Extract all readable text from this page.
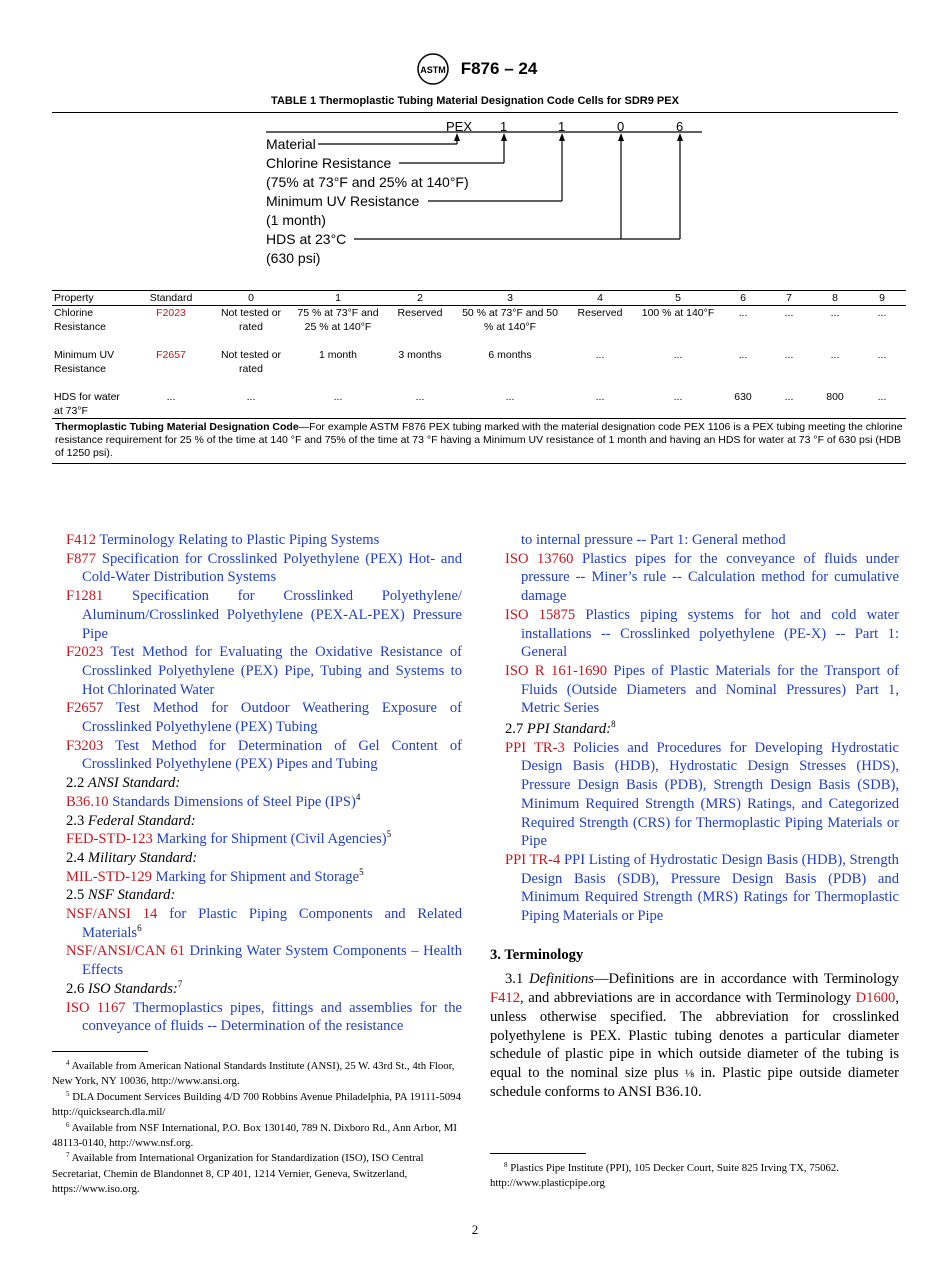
ASTM F876 – 24
TABLE 1 Thermoplastic Tubing Material Designation Code Cells for SDR9 PEX
PEX 1	1	0	6
Material
Chlorine Resistance
(75% at 73°F and 25% at 140°F)
Minimum UV Resistance
(1 month)
HDS at 23°C
(630 psi)
Property	Standard	0	1	2	3	4	5	6	7	8	9
Chlorine Resistance	F2023	Not tested or rated	75 % at 73°F and 25 % at 140°F	Reserved	50 % at 73°F and 50 % at 140°F	Reserved	100 % at 140°F	...	...	...	...
Minimum UV Resistance	F2657	Not tested or rated	1 month	3 months	6 months	...	...	...	...	...	...
HDS for water at 73°F	...	...	...	...	...	...	...	630	...	800	...
Thermoplastic Tubing Material Designation Code—For example ASTM F876 PEX tubing marked with the material designation code PEX 1106 is a PEX tubing meeting the chlorine resistance requirement for 25 % of the time at 140 °F and 75% of the time at 73 °F having a Minimum UV resistance of 1 month and having an HDS for water at 73 °F of 630 psi (HDB of 1250 psi).											

F412 Terminology Relating to Plastic Piping Systems

F877 Specification for Crosslinked Polyethylene (PEX) Hot- and Cold-Water Distribution Systems

F1281 Specification for Crosslinked Polyethylene/ Aluminum/Crosslinked Polyethylene (PEX-AL-PEX) Pressure Pipe

F2023 Test Method for Evaluating the Oxidative Resistance of Crosslinked Polyethylene (PEX) Pipe, Tubing and Systems to Hot Chlorinated Water

F2657 Test Method for Outdoor Weathering Exposure of Crosslinked Polyethylene (PEX) Tubing

F3203 Test Method for Determination of Gel Content of Crosslinked Polyethylene (PEX) Pipes and Tubing

2.2 ANSI Standard:

B36.10 Standards Dimensions of Steel Pipe (IPS)$^4$

2.3 Federal Standard:

FED-STD-123 Marking for Shipment (Civil Agencies)$^5$

2.4 Military Standard:

MIL-STD-129 Marking for Shipment and Storage$^5$

2.5 NSF Standard:

NSF/ANSI 14 for Plastic Piping Components and Related Materials$^6$

NSF/ANSI/CAN 61 Drinking Water System Components – Health Effects

2.6 ISO Standards:$^7$

ISO 1167 Thermoplastics pipes, fittings and assemblies for the conveyance of fluids -- Determination of the resistance

to internal pressure -- Part 1: General method

ISO 13760 Plastics pipes for the conveyance of fluids under pressure -- Miner’s rule -- Calculation method for cumulative damage

ISO 15875 Plastics piping systems for hot and cold water installations -- Crosslinked polyethylene (PE-X) -- Part 1: General

ISO R 161-1690 Pipes of Plastic Materials for the Transport of Fluids (Outside Diameters and Nominal Pressures) Part 1, Metric Series

2.7 PPI Standard:$^8$

PPI TR-3 Policies and Procedures for Developing Hydrostatic Design Basis (HDB), Hydrostatic Design Stresses (HDS), Pressure Design Basis (PDB), Strength Design Basis (SDB), Minimum Required Strength (MRS) Ratings, and Categorized Required Strength (CRS) for Thermoplastic Piping Materials or Pipe

PPI TR-4 PPI Listing of Hydrostatic Design Basis (HDB), Strength Design Basis (SDB), Pressure Design Basis (PDB) and Minimum Required Strength (MRS) Ratings for Thermoplastic Piping Materials or Pipe

3. Terminology

3.1 Definitions—Definitions are in accordance with Terminology F412, and abbreviations are in accordance with Terminology D1600, unless otherwise specified. The abbreviation for crosslinked polyethylene is PEX. Plastic tubing denotes a particular diameter schedule of plastic pipe in which outside diameter of the tubing is equal to the nominal size plus ⅛ in. Plastic pipe outside diameter schedule conforms to ANSI B36.10.

$^4$ Available from American National Standards Institute (ANSI), 25 W. 43rd St., 4th Floor, New York, NY 10036, http://www.ansi.org.

$^5$ DLA Document Services Building 4/D 700 Robbins Avenue Philadelphia, PA 19111-5094 http://quicksearch.dla.mil/

$^6$ Available from NSF International, P.O. Box 130140, 789 N. Dixboro Rd., Ann Arbor, MI 48113-0140, http://www.nsf.org.

$^7$ Available from International Organization for Standardization (ISO), ISO Central Secretariat, Chemin de Blandonnet 8, CP 401, 1214 Vernier, Geneva, Switzerland, https://www.iso.org.

$^8$ Plastics Pipe Institute (PPI), 105 Decker Court, Suite 825 Irving TX, 75062. http://www.plasticpipe.org

2
